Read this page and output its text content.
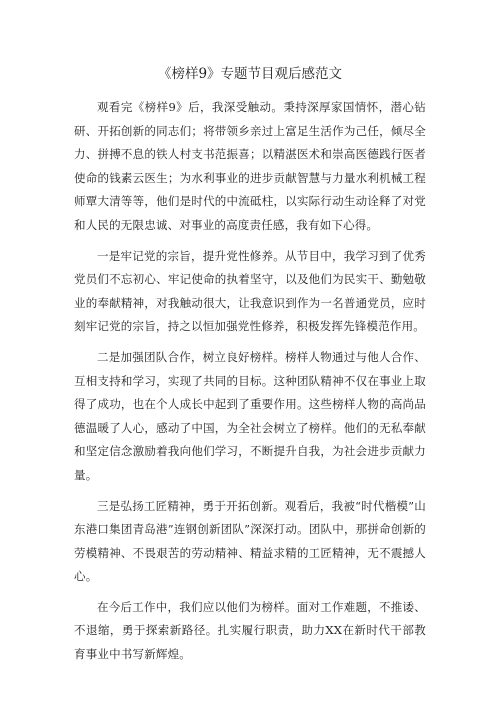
《榜样9》专题节目观后感范文

观看完《榜样9》后，我深受触动。秉持深厚家国情怀，潜心钻研、开拓创新的同志们；将带领乡亲过上富足生活作为己任，倾尽全力、拼搏不息的铁人村支书范振喜；以精湛医术和崇高医德践行医者使命的钱素云医生；为水利事业的进步贡献智慧与力量水利机械工程师覃大清等等，他们是时代的中流砥柱，以实际行动生动诠释了对党和人民的无限忠诚、对事业的高度责任感，我有如下心得。

一是牢记党的宗旨，提升党性修养。从节目中，我学习到了优秀党员们不忘初心、牢记使命的执着坚守，以及他们为民实干、勤勉敬业的奉献精神，对我触动很大，让我意识到作为一名普通党员，应时刻牢记党的宗旨，持之以恒加强党性修养，积极发挥先锋模范作用。

二是加强团队合作，树立良好榜样。榜样人物通过与他人合作、互相支持和学习，实现了共同的目标。这种团队精神不仅在事业上取得了成功，也在个人成长中起到了重要作用。这些榜样人物的高尚品德温暖了人心，感动了中国，为全社会树立了榜样。他们的无私奉献和坚定信念激励着我向他们学习，不断提升自我，为社会进步贡献力量。

三是弘扬工匠精神，勇于开拓创新。观看后，我被“时代楷模”山东港口集团青岛港”连钢创新团队”深深打动。团队中，那拼命创新的劳模精神、不畏艰苦的劳动精神、精益求精的工匠精神，无不震撼人心。

在今后工作中，我们应以他们为榜样。面对工作难题，不推诿、不退缩，勇于探索新路径。扎实履行职责，助力XX在新时代干部教育事业中书写新辉煌。
